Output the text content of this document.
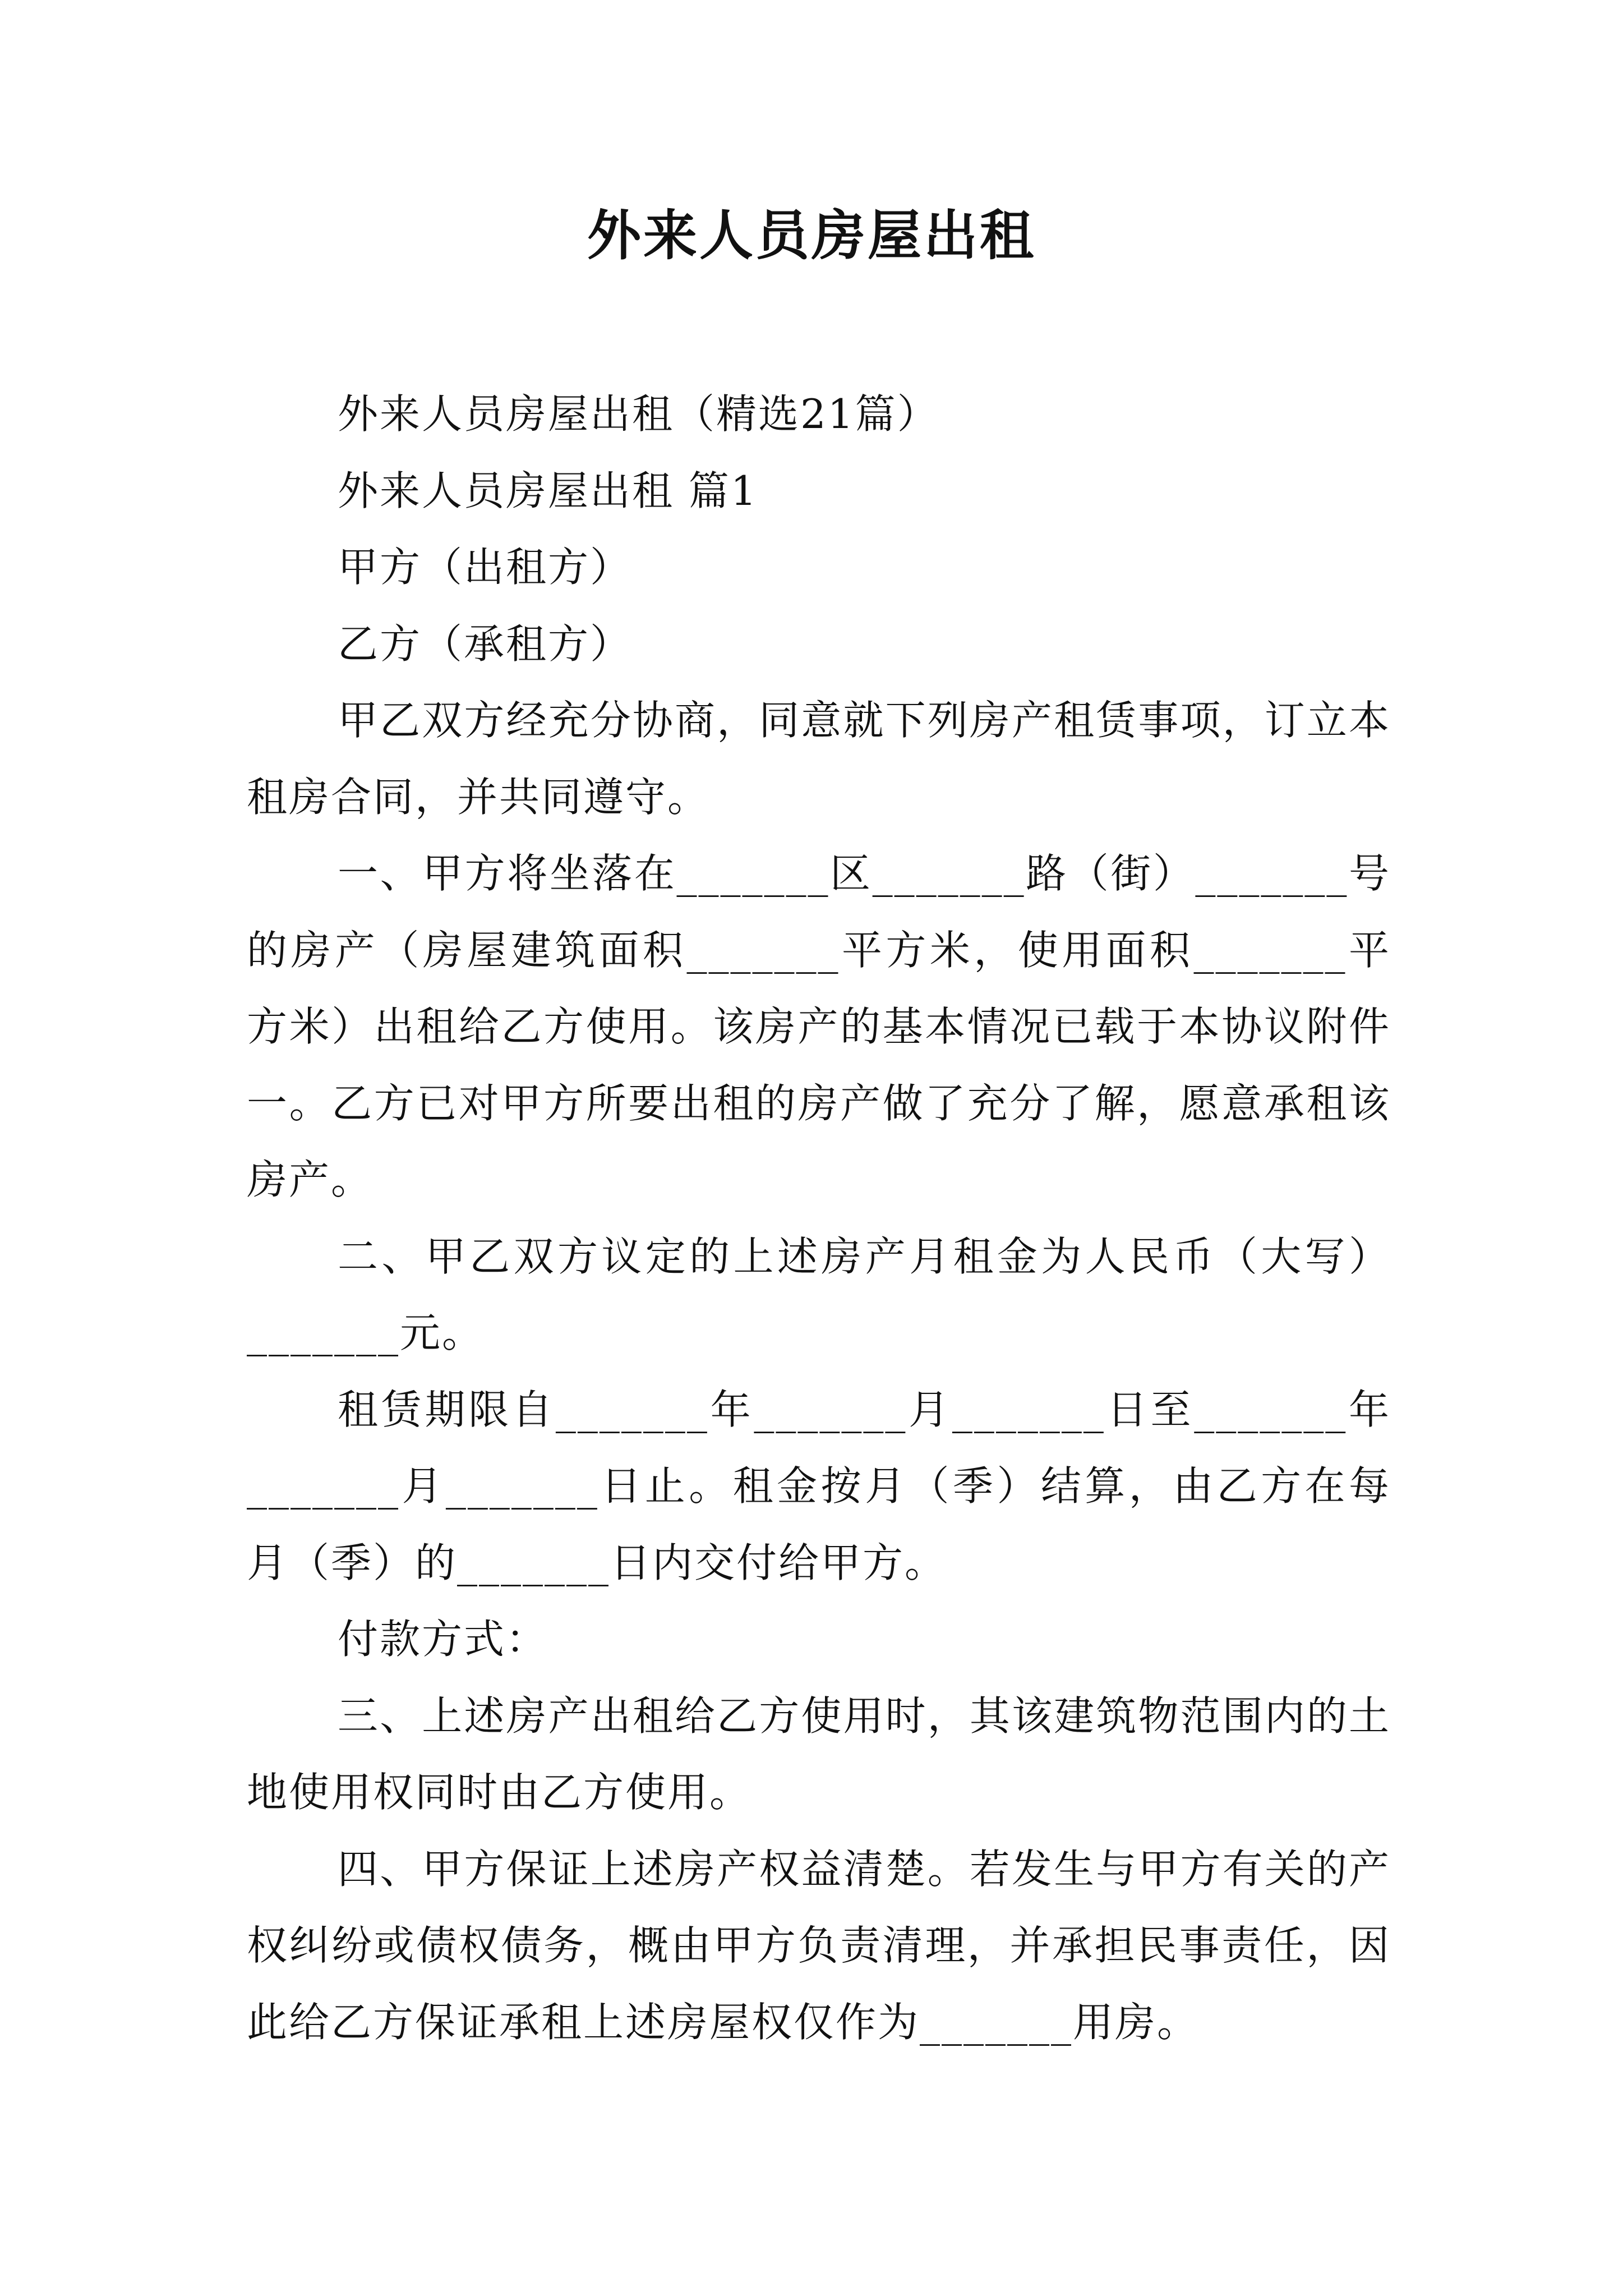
外来人员房屋出租

外来人员房屋出租（精选21篇）

外来人员房屋出租 篇1

甲方（出租方）

乙方（承租方）

甲乙双方经充分协商，同意就下列房产租赁事项，订立本租房合同，并共同遵守。

一、甲方将坐落在_______区_______路（街）_______号的房产（房屋建筑面积_______平方米，使用面积_______平方米）出租给乙方使用。该房产的基本情况已载于本协议附件一。乙方已对甲方所要出租的房产做了充分了解，愿意承租该房产。

二、甲乙双方议定的上述房产月租金为人民币（大写）_______元。

租赁期限自_______年_______月_______日至_______年_______月_______日止。租金按月（季）结算，由乙方在每月（季）的_______日内交付给甲方。

付款方式：

三、上述房产出租给乙方使用时，其该建筑物范围内的土地使用权同时由乙方使用。

四、甲方保证上述房产权益清楚。若发生与甲方有关的产权纠纷或债权债务，概由甲方负责清理，并承担民事责任，因此给乙方保证承租上述房屋权仅作为_______用房。
